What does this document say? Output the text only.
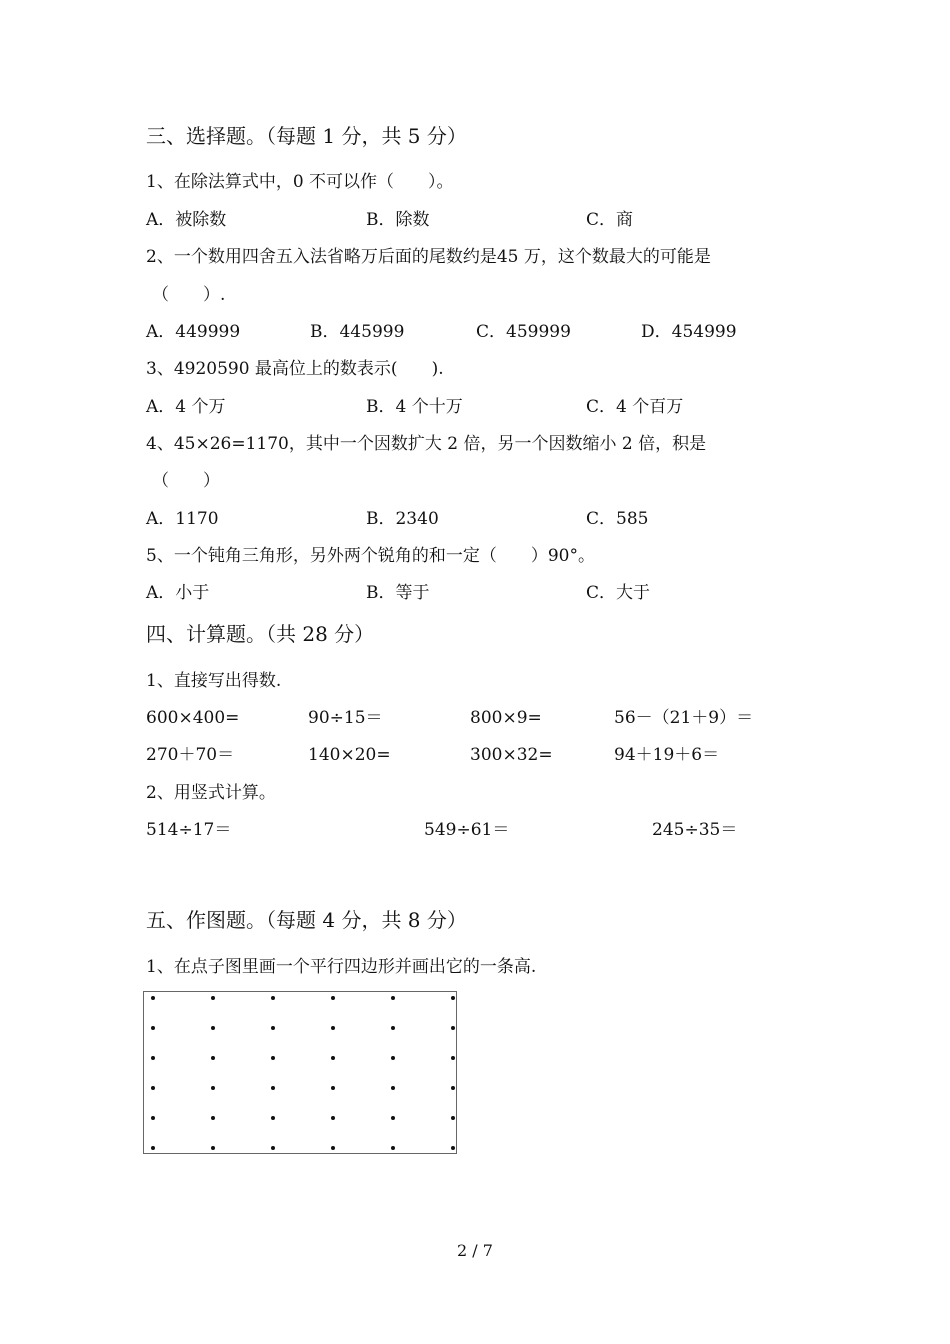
三、选择题。（每题 1 分，共 5 分）
1、在除法算式中，0 不可以作（　　）。
A．被除数	B．除数	C．商
2、一个数用四舍五入法省略万后面的尾数约是45 万，这个数最大的可能是
（　　）.
A．449999	B．445999	C．459999	D．454999
3、4920590 最高位上的数表示(　　).
A．4 个万	B．4 个十万	C．4 个百万
4、45×26=1170，其中一个因数扩大 2 倍，另一个因数缩小 2 倍，积是
（　　）
A．1170	B．2340	C．585
5、一个钝角三角形，另外两个锐角的和一定（　　）90°。
A．小于	B．等于	C．大于
四、计算题。（共 28 分）
1、直接写出得数.
600×400=	90÷15＝	800×9=	56－（21＋9）＝
270＋70＝	140×20=	300×32=	94＋19＋6＝
2、用竖式计算。
514÷17＝	549÷61＝	245÷35＝
五、作图题。（每题 4 分，共 8 分）
1、在点子图里画一个平行四边形并画出它的一条高.
2 / 7
